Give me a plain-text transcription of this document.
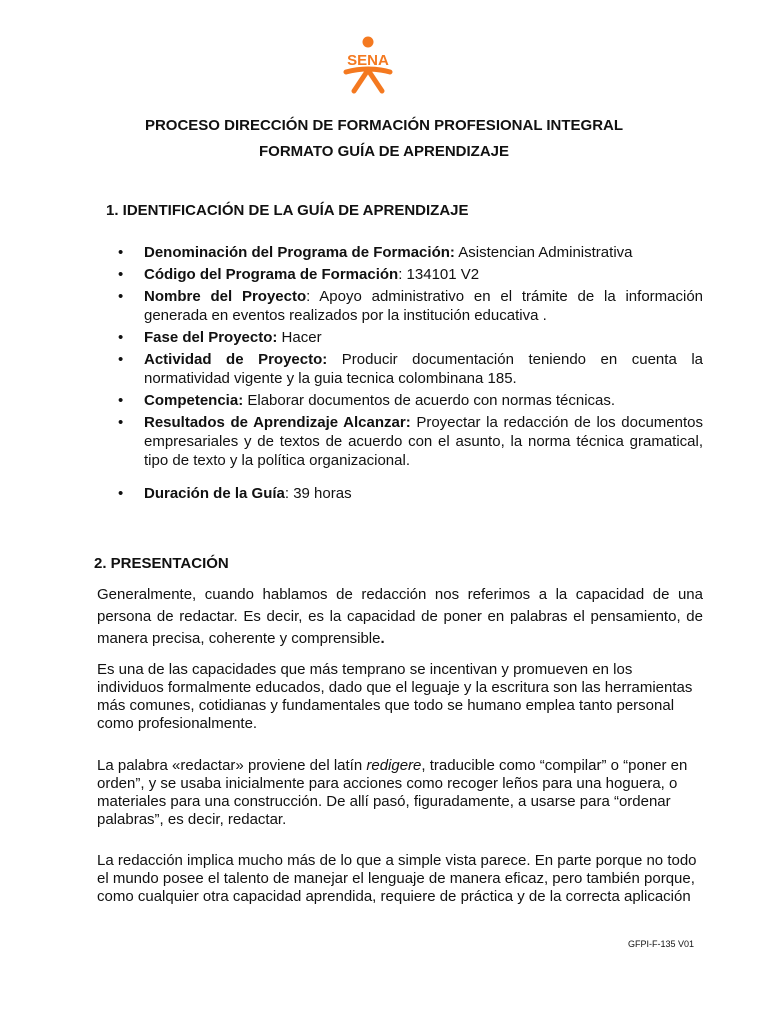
SENA
PROCESO DIRECCIÓN DE FORMACIÓN PROFESIONAL INTEGRAL
FORMATO GUÍA DE APRENDIZAJE
1. IDENTIFICACIÓN DE LA GUÍA DE APRENDIZAJE
• Denominación del Programa de Formación: Asistencian Administrativa
• Código del Programa de Formación: 134101 V2
• Nombre del Proyecto: Apoyo administrativo en el trámite de la información generada en eventos realizados por la institución educativa .
• Fase del Proyecto: Hacer
• Actividad de Proyecto: Producir documentación teniendo en cuenta la normatividad vigente y la guia tecnica colombinana 185.
• Competencia: Elaborar documentos de acuerdo con normas técnicas.
• Resultados de Aprendizaje Alcanzar: Proyectar la redacción de los documentos empresariales y de textos de acuerdo con el asunto, la norma técnica gramatical, tipo de texto y la política organizacional.
• Duración de la Guía: 39 horas
2. PRESENTACIÓN
Generalmente, cuando hablamos de redacción nos referimos a la capacidad de una persona de redactar. Es decir, es la capacidad de poner en palabras el pensamiento, de manera precisa, coherente y comprensible.
Es una de las capacidades que más temprano se incentivan y promueven en los individuos formalmente educados, dado que el leguaje y la escritura son las herramientas más comunes, cotidianas y fundamentales que todo se humano emplea tanto personal como profesionalmente.
La palabra «redactar» proviene del latín redigere, traducible como “compilar” o “poner en orden”, y se usaba inicialmente para acciones como recoger leños para una hoguera, o materiales para una construcción. De allí pasó, figuradamente, a usarse para “ordenar palabras”, es decir, redactar.
La redacción implica mucho más de lo que a simple vista parece. En parte porque no todo el mundo posee el talento de manejar el lenguaje de manera eficaz, pero también porque, como cualquier otra capacidad aprendida, requiere de práctica y de la correcta aplicación
GFPI-F-135 V01
